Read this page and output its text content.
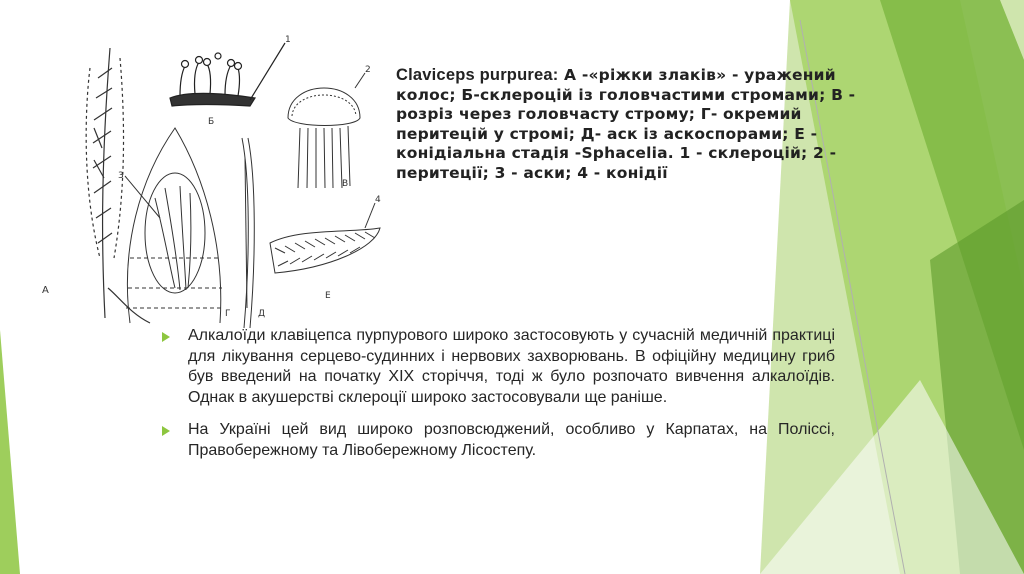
А
Б
1
В
2
3
Г	Д
4
Е
Claviceps purpurea: А -«ріжки злаків» - уражений колос; Б-склероцій із головчастими стромами; В - розріз через головчасту строму; Г- окремий перитецій у стромі; Д- аск із аскоспорами; Е - конідіальна стадія -Sphacelia. 1 - склероцій; 2 - перитеції; 3 - аски; 4 - конідії
Алкалоїди клавіцепса пурпурового широко застосовують у сучасній медичній практиці для лікування серцево-судинних і нервових захворювань. В офіційну медицину гриб був введений на початку ХІХ сторіччя, тоді ж було розпочато вивчення алкалоїдів. Однак в акушерстві склероції широко застосовували ще раніше.
На Україні цей вид широко розповсюджений, особливо у Карпатах, на Поліссі, Правобережному та Лівобережному Лісостепу.
